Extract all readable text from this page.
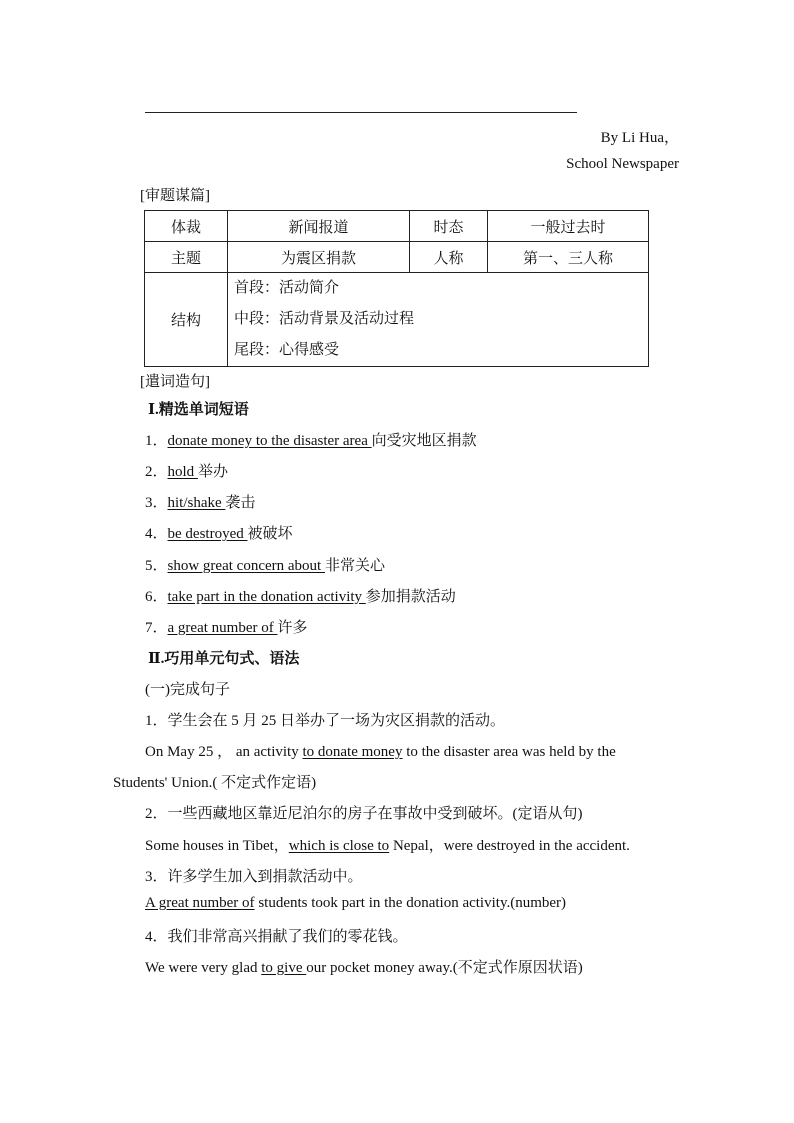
By Li Hua，
School Newspaper
[审题谋篇]
体裁	新闻报道	时态	一般过去时
主题	为震区捐款	人称	第一、三人称
结构	首段：活动简介
中段：活动背景及活动过程
尾段：心得感受		
[遣词造句]
Ⅰ.精选单词短语
1．donate money to the disaster area 向受灾地区捐款
2．hold 举办
3．hit/shake 袭击
4．be destroyed 被破坏
5．show great concern about 非常关心
6．take part in the donation activity 参加捐款活动
7．a great number of 许多
Ⅱ.巧用单元句式、语法
(一)完成句子
1．学生会在 5 月 25 日举办了一场为灾区捐款的活动。
On May 25 ， an activity to donate money to the disaster area was held by the
Students' Union.( 不定式作定语)
2．一些西藏地区靠近尼泊尔的房子在事故中受到破坏。(定语从句)
Some houses in Tibet，which is close to Nepal，were destroyed in the accident.
3．许多学生加入到捐款活动中。
A great number of students took part in the donation activity.(number)
4．我们非常高兴捐献了我们的零花钱。
We were very glad to give our pocket money away.(不定式作原因状语)
